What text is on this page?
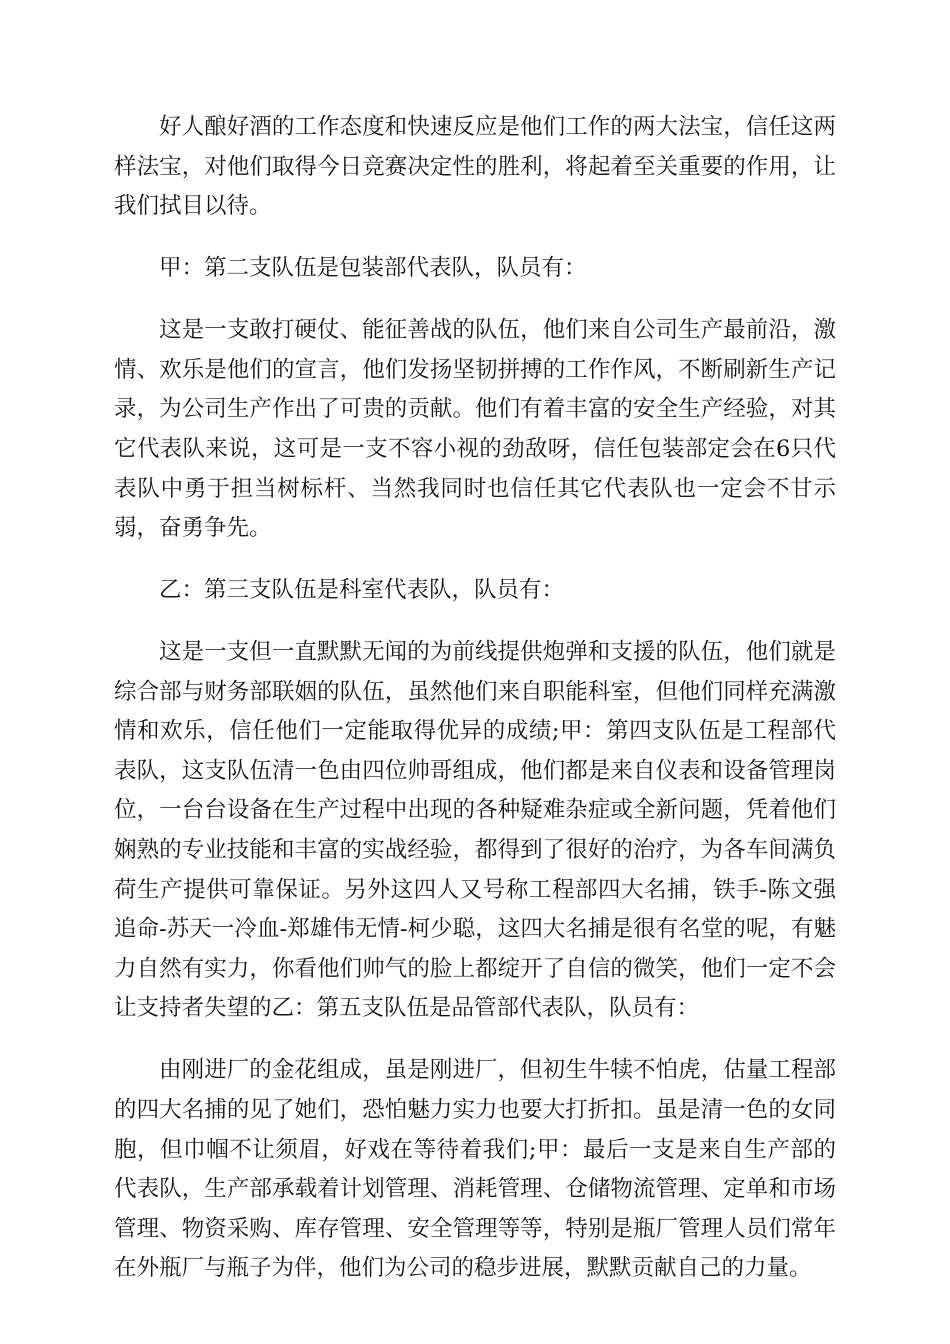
好人酿好酒的工作态度和快速反应是他们工作的两大法宝，信任这两样法宝，对他们取得今日竞赛决定性的胜利，将起着至关重要的作用，让我们拭目以待。

甲：第二支队伍是包装部代表队，队员有：

这是一支敢打硬仗、能征善战的队伍，他们来自公司生产最前沿，激情、欢乐是他们的宣言，他们发扬坚韧拼搏的工作作风，不断刷新生产记录，为公司生产作出了可贵的贡献。他们有着丰富的安全生产经验，对其它代表队来说，这可是一支不容小视的劲敌呀，信任包装部定会在6只代表队中勇于担当树标杆、当然我同时也信任其它代表队也一定会不甘示弱，奋勇争先。

乙：第三支队伍是科室代表队，队员有：

这是一支但一直默默无闻的为前线提供炮弹和支援的队伍，他们就是综合部与财务部联姻的队伍，虽然他们来自职能科室，但他们同样充满激情和欢乐，信任他们一定能取得优异的成绩;甲：第四支队伍是工程部代表队，这支队伍清一色由四位帅哥组成，他们都是来自仪表和设备管理岗位，一台台设备在生产过程中出现的各种疑难杂症或全新问题，凭着他们娴熟的专业技能和丰富的实战经验，都得到了很好的治疗，为各车间满负荷生产提供可靠保证。另外这四人又号称工程部四大名捕，铁手-陈文强追命-苏天一冷血-郑雄伟无情-柯少聪，这四大名捕是很有名堂的呢，有魅力自然有实力，你看他们帅气的脸上都绽开了自信的微笑，他们一定不会让支持者失望的乙：第五支队伍是品管部代表队，队员有：

由刚进厂的金花组成，虽是刚进厂，但初生牛犊不怕虎，估量工程部的四大名捕的见了她们，恐怕魅力实力也要大打折扣。虽是清一色的女同胞，但巾帼不让须眉，好戏在等待着我们;甲：最后一支是来自生产部的代表队，生产部承载着计划管理、消耗管理、仓储物流管理、定单和市场管理、物资采购、库存管理、安全管理等等，特别是瓶厂管理人员们常年在外瓶厂与瓶子为伴，他们为公司的稳步进展，默默贡献自己的力量。
